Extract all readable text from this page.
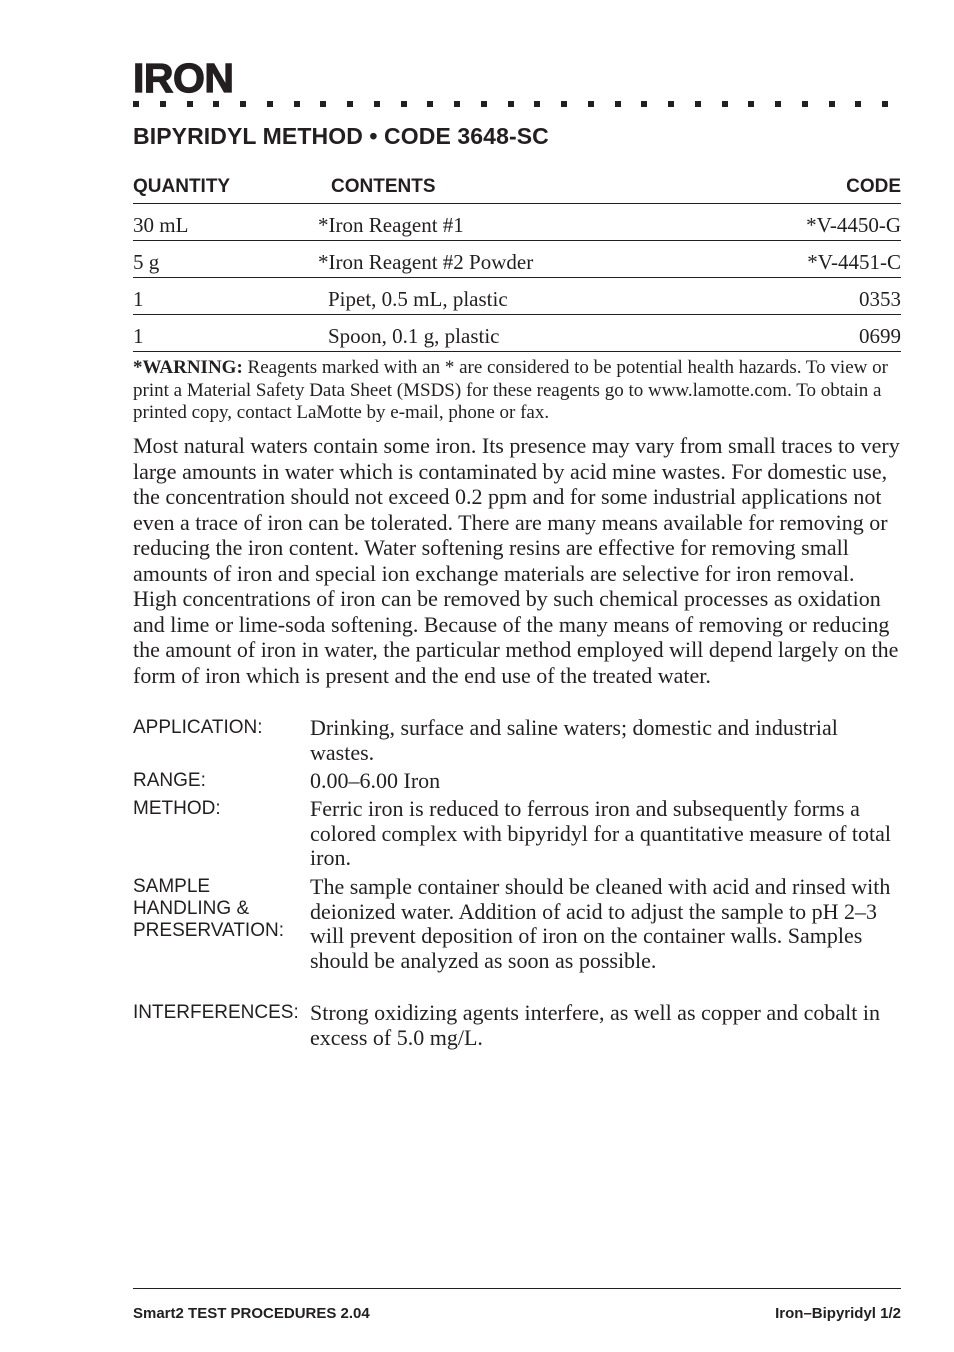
IRON
BIPYRIDYL METHOD • CODE 3648-SC
QUANTITY	CONTENTS	CODE
30 mL	*Iron Reagent #1	*V-4450-G
5 g	*Iron Reagent #2 Powder	*V-4451-C
1	Pipet, 0.5 mL, plastic	0353
1	Spoon, 0.1 g, plastic	0699
*WARNING: Reagents marked with an * are considered to be potential health hazards. To view or print a Material Safety Data Sheet (MSDS) for these reagents go to www.lamotte.com. To obtain a printed copy, contact LaMotte by e-mail, phone or fax.
Most natural waters contain some iron. Its presence may vary from small traces to very large amounts in water which is contaminated by acid mine wastes. For domestic use, the concentration should not exceed 0.2 ppm and for some industrial applications not even a trace of iron can be tolerated. There are many means available for removing or reducing the iron content. Water softening resins are effective for removing small amounts of iron and special ion exchange materials are selective for iron removal. High concentrations of iron can be removed by such chemical processes as oxidation and lime or lime-soda softening. Because of the many means of removing or reducing the amount of iron in water, the particular method employed will depend largely on the form of iron which is present and the end use of the treated water.
APPLICATION:	Drinking, surface and saline waters; domestic and industrial wastes.
RANGE:	0.00–6.00 Iron
METHOD:	Ferric iron is reduced to ferrous iron and subsequently forms a colored complex with bipyridyl for a quantitative measure of total iron.
SAMPLE
HANDLING &
PRESERVATION:
The sample container should be cleaned with acid and rinsed with deionized water. Addition of acid to adjust the sample to pH 2–3 will prevent deposition of iron on the container walls. Samples should be analyzed as soon as possible.
INTERFERENCES: Strong oxidizing agents interfere, as well as copper and cobalt in excess of 5.0 mg/L.
Smart2 TEST PROCEDURES 2.04	Iron–Bipyridyl 1/2
